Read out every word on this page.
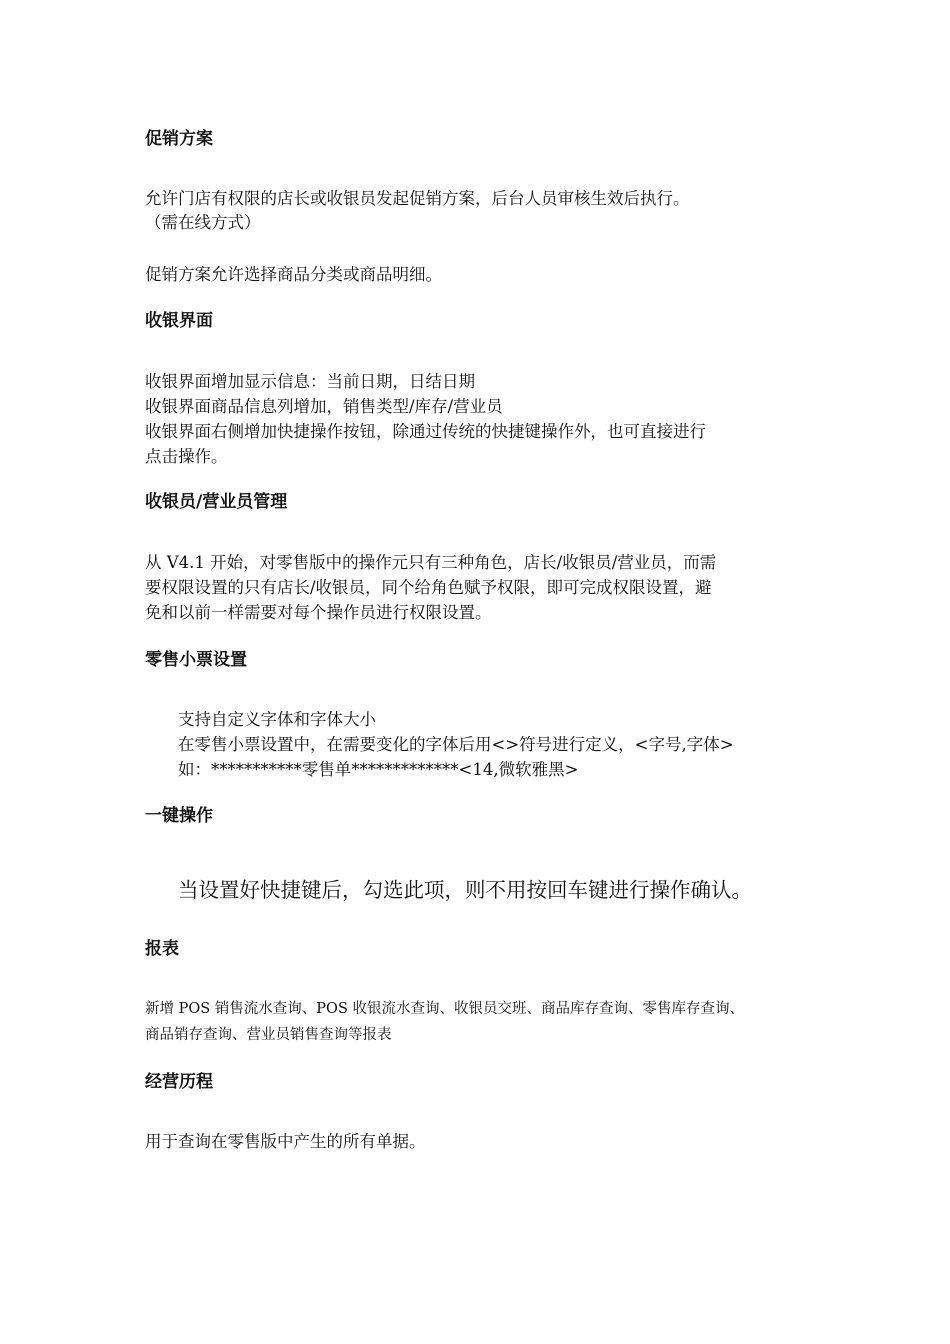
促销方案
允许门店有权限的店长或收银员发起促销方案，后台人员审核生效后执行。
（需在线方式）
促销方案允许选择商品分类或商品明细。
收银界面
收银界面增加显示信息：当前日期，日结日期
收银界面商品信息列增加，销售类型/库存/营业员
收银界面右侧增加快捷操作按钮，除通过传统的快捷键操作外，也可直接进行
点击操作。
收银员/营业员管理
从 V4.1 开始，对零售版中的操作元只有三种角色，店长/收银员/营业员，而需
要权限设置的只有店长/收银员，同个给角色赋予权限，即可完成权限设置，避
免和以前一样需要对每个操作员进行权限设置。
零售小票设置
支持自定义字体和字体大小
在零售小票设置中，在需要变化的字体后用<>符号进行定义，<字号,字体>
如：***********零售单*************<14,微软雅黑>
一键操作
当设置好快捷键后，勾选此项，则不用按回车键进行操作确认。
报表
新增 POS 销售流水查询、POS 收银流水查询、收银员交班、商品库存查询、零售库存查询、
商品销存查询、营业员销售查询等报表
经营历程
用于查询在零售版中产生的所有单据。
